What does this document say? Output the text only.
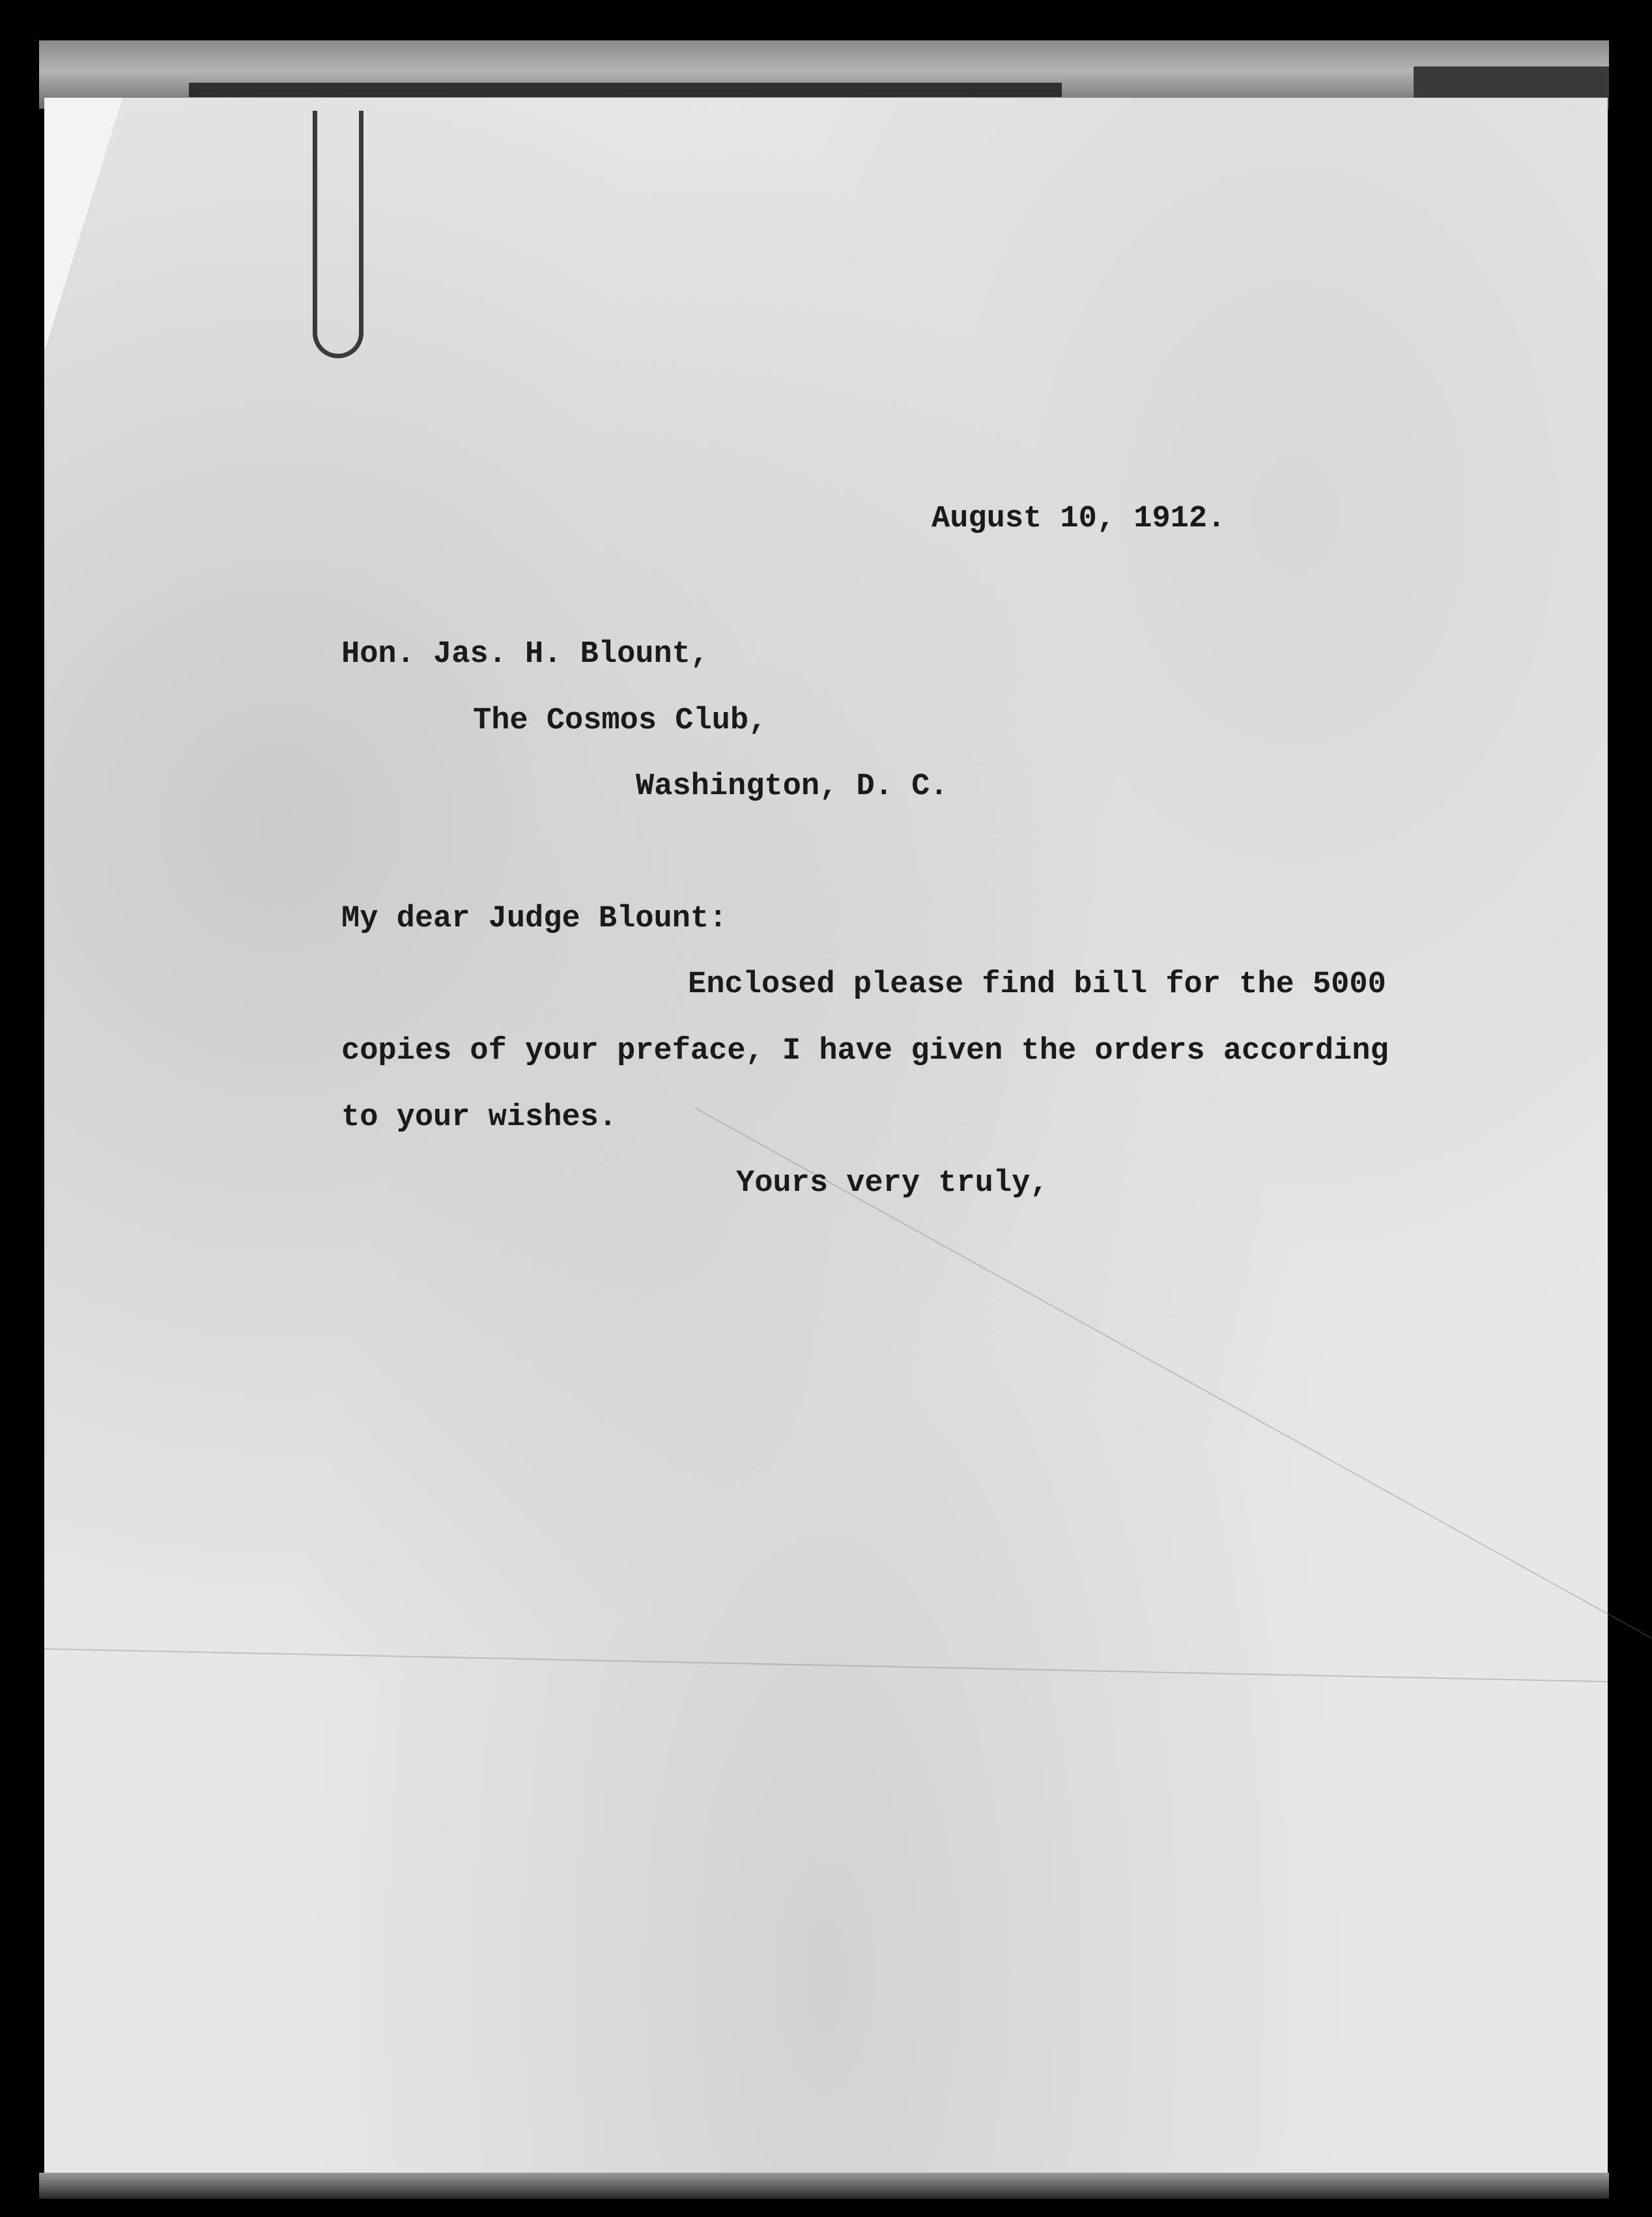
August 10, 1912.

Hon. Jas. H. Blount,

The Cosmos Club,

Washington, D. C.

My dear Judge Blount:

Enclosed please find bill for the 5000

copies of your preface, I have given the orders according

to your wishes.

Yours very truly,
